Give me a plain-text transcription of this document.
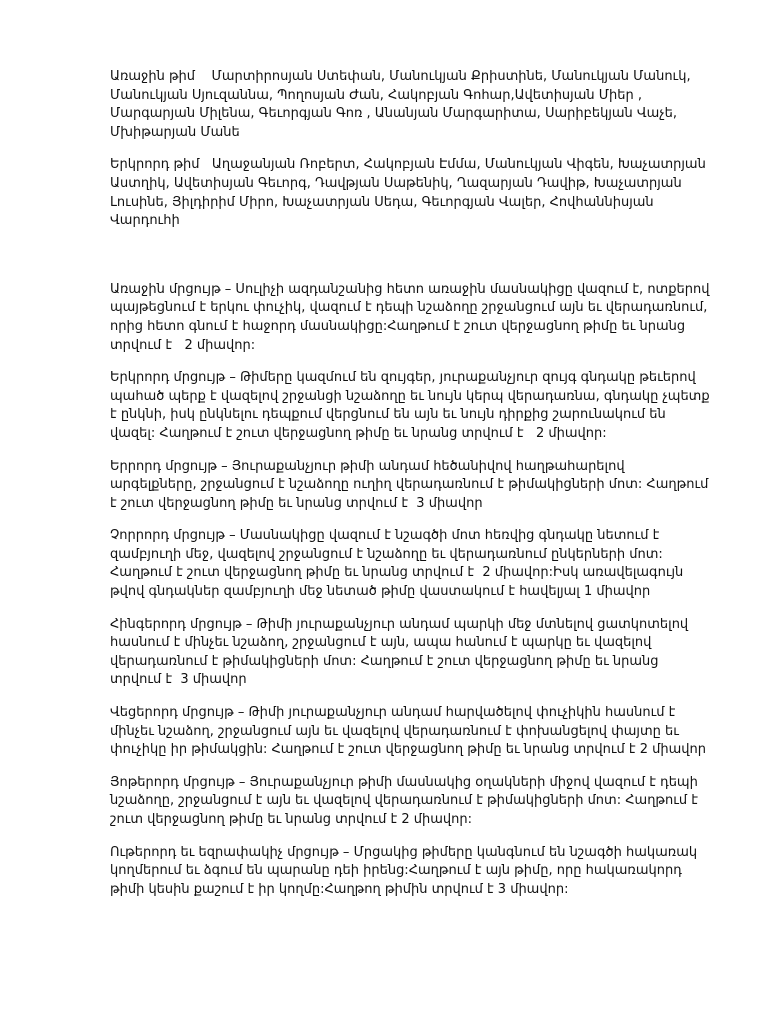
Առաջին թիմ    Մարտիրոսյան Ստեփան, Մանուկյան Քրիստինե, Մանուկյան Մանուկ, Մանուկյան Սյուզաննա, Պողոսյան Ժան, Հակոբյան Գոհար,Ավետիսյան Միեր , Մարգարյան Միլենա, Գեւորգյան Գոռ , Անանյան Մարգարիտա, Սարիբեկյան Վաչե, Մխիթարյան Մանե

Երկրորդ թիմ   Աղաջանյան Ռոբերտ, Հակոբյան Էմմա, Մանուկյան Վիգեն, Խաչատրյան Աստղիկ, Ավետիսյան Գեւորգ, Դավթյան Սաթենիկ, Ղազարյան Դավիթ, Խաչատրյան Լուսինե, Յիլդիրիմ Միրո, Խաչատրյան Սեդա, Գեւորգյան Վալեր, Հովհաննիսյան Վարդուհի

Առաջին մրցույթ – Սուլիչի ազդանշանից հետո առաջին մասնակիցը վազում է, ոտքերով պայթեցնում է երկու փուչիկ, վազում է դեպի նշաձողը շրջանցում այն եւ վերադառնում, որից հետո գնում է հաջորդ մասնակիցը:Հաղթում է շուտ վերջացնող թիմը եւ նրանց տրվում է   2 միավոր:

Երկրորդ մրցույթ – Թիմերը կազմում են զույգեր, յուրաքանչյուր զույգ գնդակը թեւերով պահած պերք է վազելով շրջանցի նշաձողը եւ նույն կերպ վերադառնա, գնդակը չպետք է ընկնի, իսկ ընկնելու դեպքում վերցնում են այն եւ նույն դիրքից շարունակում են վազել: Հաղթում է շուտ վերջացնող թիմը եւ նրանց տրվում է   2 միավոր:

Երրորդ մրցույթ – Յուրաքանչյուր թիմի անդամ հեծանիվով հաղթահարելով արգելքները, շրջանցում է նշաձողը ուղիղ վերադառնում է թիմակիցների մոտ: Հաղթում է շուտ վերջացնող թիմը եւ նրանց տրվում է  3 միավոր

Չորրորդ մրցույթ – Մասնակիցը վազում է նշագծի մոտ հեռվից գնդակը նետում է զամբյուղի մեջ, վազելով շրջանցում է նշաձողը եւ վերադառնում ընկերների մոտ: Հաղթում է շուտ վերջացնող թիմը եւ նրանց տրվում է  2 միավոր:Իսկ առավելագույն թվով գնդակներ զամբյուղի մեջ նետած թիմը վաստակում է հավելյալ 1 միավոր

Հինգերորդ մրցույթ – Թիմի յուրաքանչյուր անդամ պարկի մեջ մտնելով ցատկոտելով հասնում է մինչեւ նշաձող, շրջանցում է այն, ապա հանում է պարկը եւ վազելով վերադառնում է թիմակիցների մոտ: Հաղթում է շուտ վերջացնող թիմը եւ նրանց տրվում է  3 միավոր

Վեցերորդ մրցույթ – Թիմի յուրաքանչյուր անդամ հարվածելով փուչիկին հասնում է մինչեւ նշաձող, շրջանցում այն եւ վազելով վերադառնում է փոխանցելով փայտը եւ փուչիկը իր թիմակցին: Հաղթում է շուտ վերջացնող թիմը եւ նրանց տրվում է 2 միավոր

Յոթերորդ մրցույթ – Յուրաքանչյուր թիմի մասնակից օղակների միջով վազում է դեպի նշաձողը, շրջանցում է այն եւ վազելով վերադառնում է թիմակիցների մոտ: Հաղթում է շուտ վերջացնող թիմը եւ նրանց տրվում է 2 միավոր:

Ութերորդ եւ եզրափակիչ մրցույթ – Մրցակից թիմերը կանգնում են նշագծի հակառակ կողմերում եւ ձգում են պարանը դեի իրենց:Հաղթում է այն թիմը, որը հակառակորդ թիմի կեսին քաշում է իր կողմը:Հաղթող թիմին տրվում է 3 միավոր:
